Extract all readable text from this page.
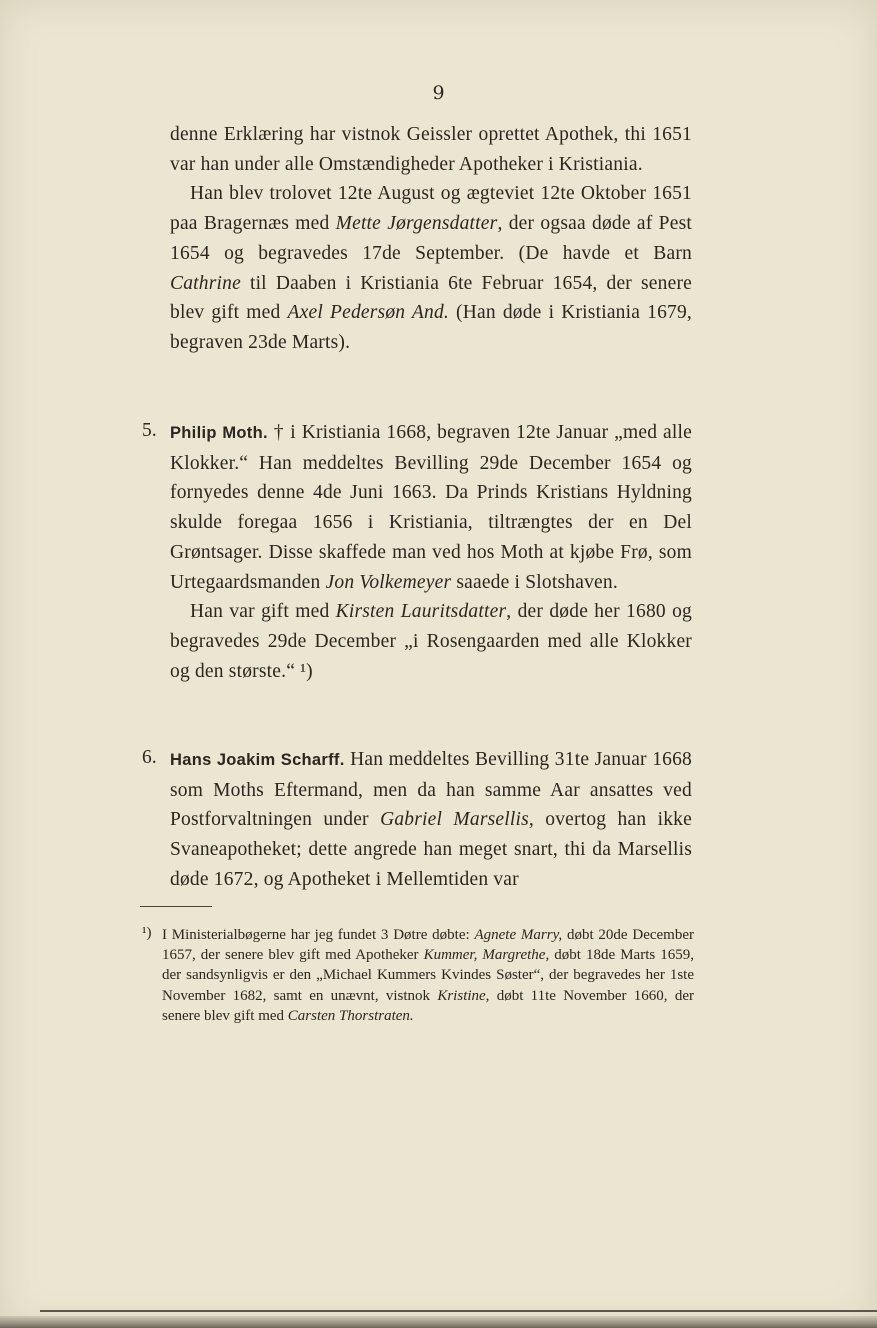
9

denne Erklæring har vistnok Geissler oprettet Apothek, thi 1651 var han under alle Omstændigheder Apotheker i Kristiania.

Han blev trolovet 12te August og ægteviet 12te Oktober 1651 paa Bragernæs med Mette Jørgensdatter, der ogsaa døde af Pest 1654 og begravedes 17de September. (De havde et Barn Cathrine til Daaben i Kristiania 6te Februar 1654, der senere blev gift med Axel Pedersøn And. (Han døde i Kristiania 1679, begraven 23de Marts).

5. Philip Moth. † i Kristiania 1668, begraven 12te Januar „med alle Klokker.“ Han meddeltes Bevilling 29de December 1654 og fornyedes denne 4de Juni 1663. Da Prinds Kristians Hyldning skulde foregaa 1656 i Kristiania, tiltrængtes der en Del Grøntsager. Disse skaffede man ved hos Moth at kjøbe Frø, som Urtegaardsmanden Jon Volkemeyer saaede i Slotshaven.

Han var gift med Kirsten Lauritsdatter, der døde her 1680 og begravedes 29de December „i Rosengaarden med alle Klokker og den største.“ ¹)

6. Hans Joakim Scharff. Han meddeltes Bevilling 31te Januar 1668 som Moths Eftermand, men da han samme Aar ansattes ved Postforvaltningen under Gabriel Marsellis, overtog han ikke Svaneapotheket; dette angrede han meget snart, thi da Marsellis døde 1672, og Apotheket i Mellemtiden var

¹) I Ministerialbøgerne har jeg fundet 3 Døtre døbte: Agnete Marry, døbt 20de December 1657, der senere blev gift med Apotheker Kummer, Margrethe, døbt 18de Marts 1659, der sandsynligvis er den „Michael Kummers Kvindes Søster“, der begravedes her 1ste November 1682, samt en unævnt, vistnok Kristine, døbt 11te November 1660, der senere blev gift med Carsten Thorstraten.
